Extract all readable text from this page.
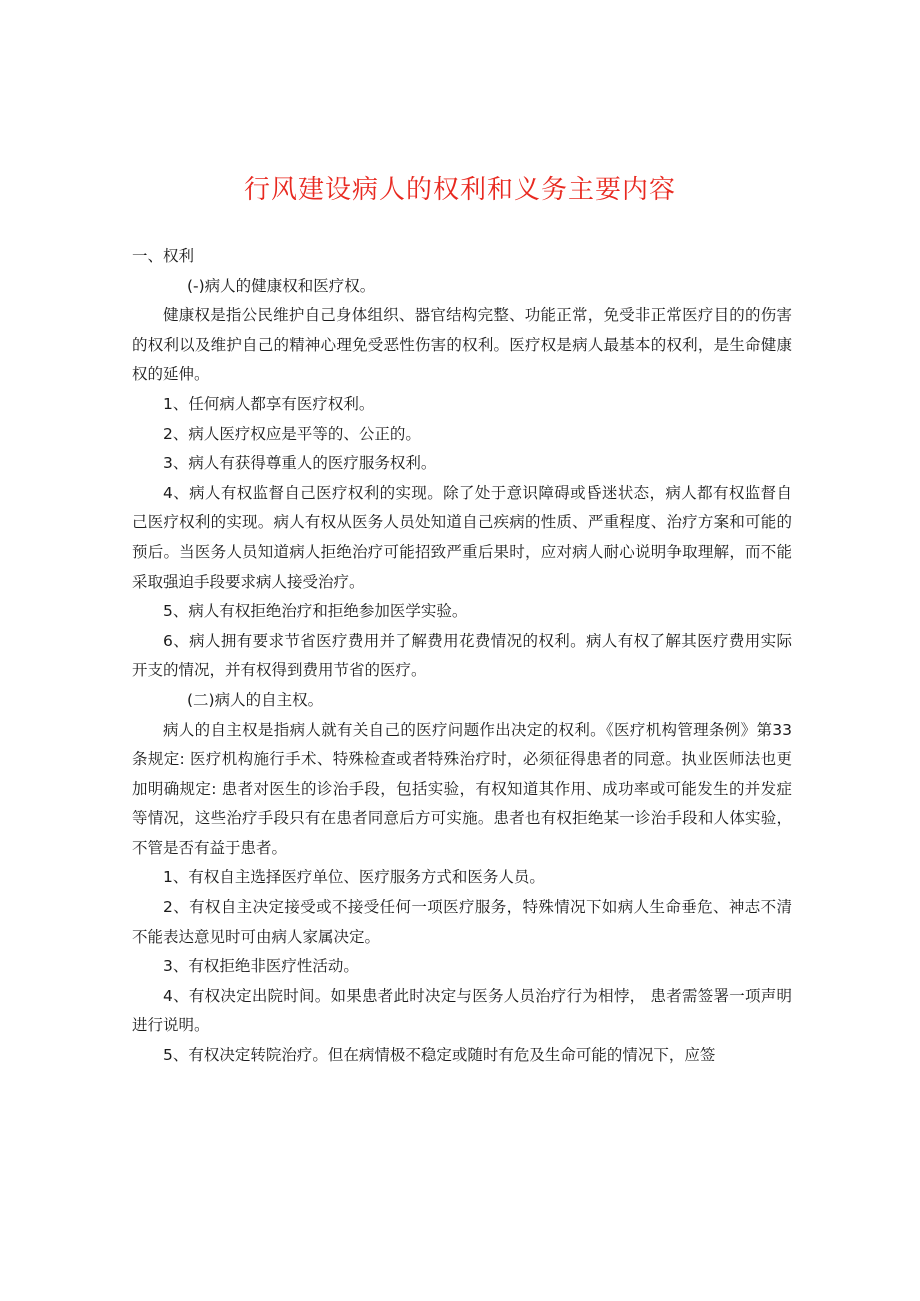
行风建设病人的权利和义务主要内容

一、权利

(-)病人的健康权和医疗权。

健康权是指公民维护自己身体组织、器官结构完整、功能正常，免受非正常医疗目的的伤害的权利以及维护自己的精神心理免受恶性伤害的权利。医疗权是病人最基本的权利，是生命健康权的延伸。

1、任何病人都享有医疗权利。

2、病人医疗权应是平等的、公正的。

3、病人有获得尊重人的医疗服务权利。

4、病人有权监督自己医疗权利的实现。除了处于意识障碍或昏迷状态，病人都有权监督自己医疗权利的实现。病人有权从医务人员处知道自己疾病的性质、严重程度、治疗方案和可能的预后。当医务人员知道病人拒绝治疗可能招致严重后果时，应对病人耐心说明争取理解，而不能采取强迫手段要求病人接受治疗。

5、病人有权拒绝治疗和拒绝参加医学实验。

6、病人拥有要求节省医疗费用并了解费用花费情况的权利。病人有权了解其医疗费用实际开支的情况，并有权得到费用节省的医疗。

(二)病人的自主权。

病人的自主权是指病人就有关自己的医疗问题作出决定的权利。《医疗机构管理条例》第33条规定: 医疗机构施行手术、特殊检查或者特殊治疗时，必须征得患者的同意。执业医师法也更加明确规定: 患者对医生的诊治手段，包括实验，有权知道其作用、成功率或可能发生的并发症等情况，这些治疗手段只有在患者同意后方可实施。患者也有权拒绝某一诊治手段和人体实验，不管是否有益于患者。

1、有权自主选择医疗单位、医疗服务方式和医务人员。

2、有权自主决定接受或不接受任何一项医疗服务，特殊情况下如病人生命垂危、神志不清不能表达意见时可由病人家属决定。

3、有权拒绝非医疗性活动。

4、有权决定出院时间。如果患者此时决定与医务人员治疗行为相悖， 患者需签署一项声明进行说明。

5、有权决定转院治疗。但在病情极不稳定或随时有危及生命可能的情况下，应签
